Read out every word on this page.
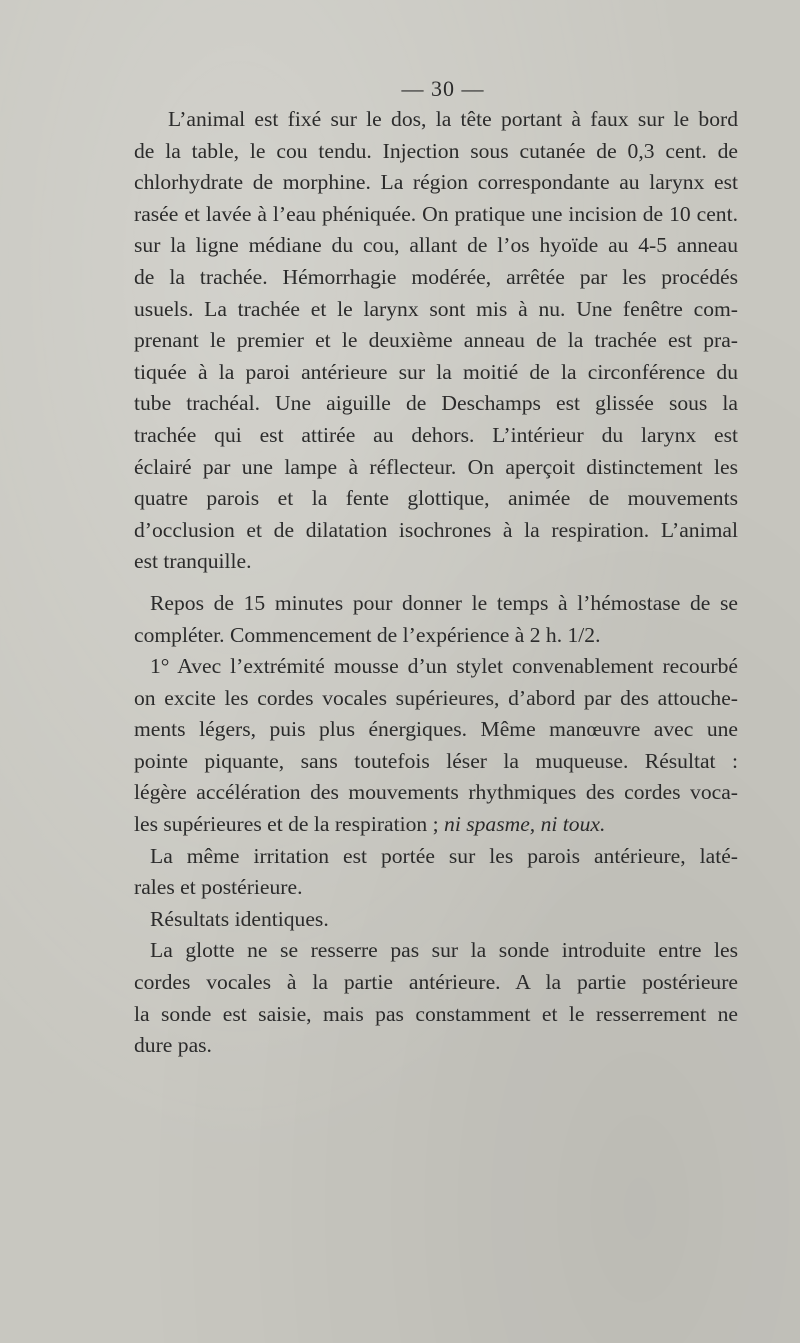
— 30 —
L’animal est fixé sur le dos, la tête portant à faux sur le bord
de la table, le cou tendu. Injection sous cutanée de 0,3 cent. de
chlorhydrate de morphine. La région correspondante au larynx est
rasée et lavée à l’eau phéniquée. On pratique une incision de 10 cent.
sur la ligne médiane du cou, allant de l’os hyoïde au 4-5 anneau
de la trachée. Hémorrhagie modérée, arrêtée par les procédés
usuels. La trachée et le larynx sont mis à nu. Une fenêtre com-
prenant le premier et le deuxième anneau de la trachée est pra-
tiquée à la paroi antérieure sur la moitié de la circonférence du
tube trachéal. Une aiguille de Deschamps est glissée sous la
trachée qui est attirée au dehors. L’intérieur du larynx est
éclairé par une lampe à réflecteur. On aperçoit distinctement les
quatre parois et la fente glottique, animée de mouvements
d’occlusion et de dilatation isochrones à la respiration. L’animal
est tranquille.
Repos de 15 minutes pour donner le temps à l’hémostase de se
compléter. Commencement de l’expérience à 2 h. 1/2.
1° Avec l’extrémité mousse d’un stylet convenablement recourbé
on excite les cordes vocales supérieures, d’abord par des attouche-
ments légers, puis plus énergiques. Même manœuvre avec une
pointe piquante, sans toutefois léser la muqueuse. Résultat :
légère accélération des mouvements rhythmiques des cordes voca-
les supérieures et de la respiration ; ni spasme, ni toux.
La même irritation est portée sur les parois antérieure, laté-
rales et postérieure.
Résultats identiques.
La glotte ne se resserre pas sur la sonde introduite entre les
cordes vocales à la partie antérieure. A la partie postérieure
la sonde est saisie, mais pas constamment et le resserrement ne
dure pas.
